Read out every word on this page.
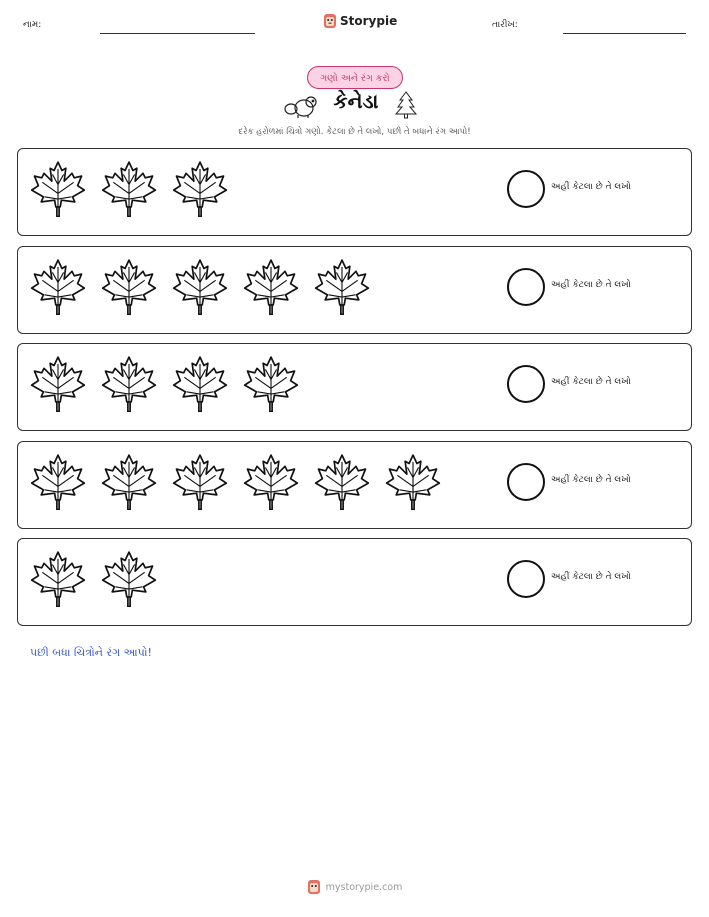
નામ:	Storypie	તારીખ:
ગણો અને રંગ કરો
કેનેડા
દરેક હરોળમાં ચિત્રો ગણો. કેટલા છે તે લખો, પછી તે બધાને રંગ આપો!
અહીં કેટલા છે તે લખો
અહીં કેટલા છે તે લખો
અહીં કેટલા છે તે લખો
અહીં કેટલા છે તે લખો
અહીં કેટલા છે તે લખો
પછી બધા ચિત્રોને રંગ આપો!
mystorypie.com
